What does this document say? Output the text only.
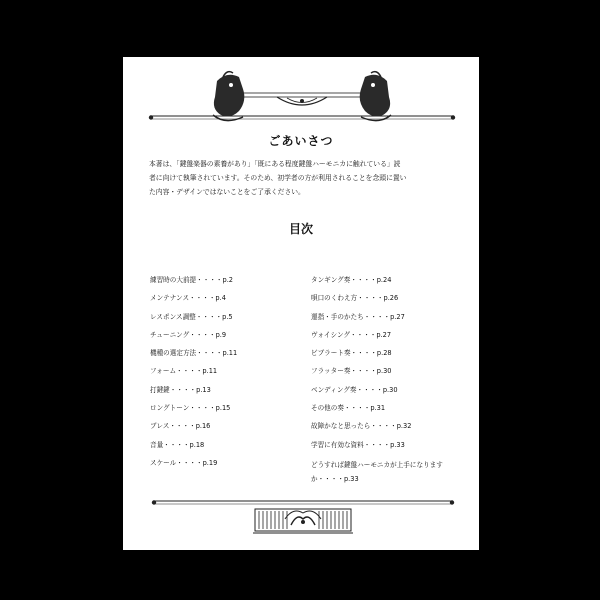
ごあいさつ

本著は、「鍵盤楽器の素養があり」「既にある程度鍵盤ハーモニカに触れている」読

者に向けて執筆されています。そのため、初学者の方が利用されることを念頭に置い

た内容・デザインではないことをご了承ください。

目次
練習時の大前提・・・・p.2
メンテナンス・・・・p.4
レスポンス調整・・・・p.5
チューニング・・・・p.9
機種の選定方法・・・・p.11
フォーム・・・・p.11
打鍵鍵・・・・p.13
ロングトーン・・・・p.15
ブレス・・・・p.16
音量・・・・p.18
スケール・・・・p.19
タンギング奏・・・・p.24
唄口のくわえ方・・・・p.26
運指・手のかたち・・・・p.27
ヴォイシング・・・・p.27
ビブラート奏・・・・p.28
フラッター奏・・・・p.30
ベンディング奏・・・・p.30
その他の奏・・・・p.31
故障かなと思ったら・・・・p.32
学習に有効な資料・・・・p.33
どうすれば鍵盤ハーモニカが上手になりますか・・・・p.33
